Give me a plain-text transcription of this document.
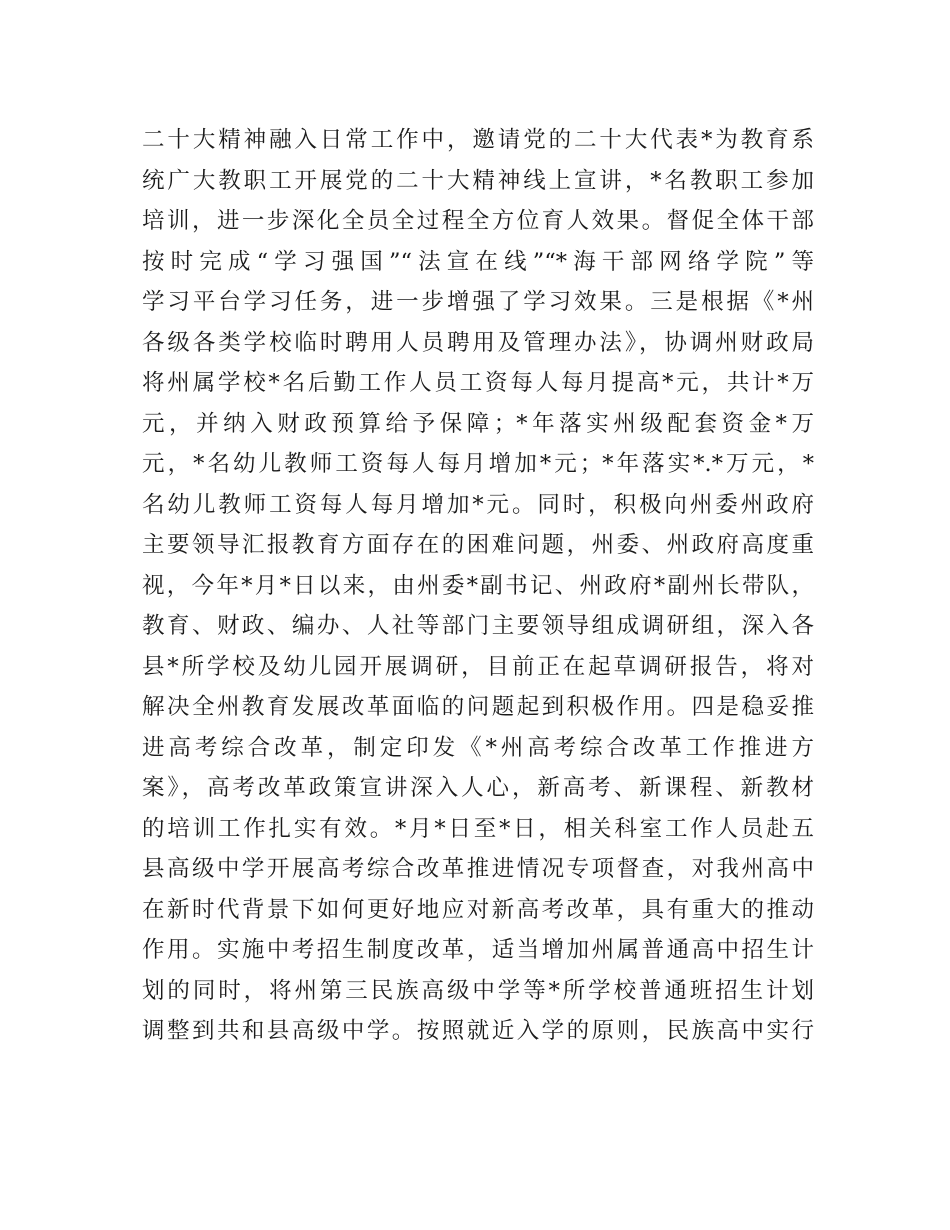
二十大精神融入日常工作中，邀请党的二十大代表*为教育系
统广大教职工开展党的二十大精神线上宣讲，*名教职工参加
培训，进一步深化全员全过程全方位育人效果。督促全体干部
按时完成“学习强国”“法宣在线”“*海干部网络学院”等
学习平台学习任务，进一步增强了学习效果。三是根据《*州
各级各类学校临时聘用人员聘用及管理办法》，协调州财政局
将州属学校*名后勤工作人员工资每人每月提高*元，共计*万
元，并纳入财政预算给予保障；*年落实州级配套资金*万
元，*名幼儿教师工资每人每月增加*元；*年落实*.*万元，*
名幼儿教师工资每人每月增加*元。同时，积极向州委州政府
主要领导汇报教育方面存在的困难问题，州委、州政府高度重
视，今年*月*日以来，由州委*副书记、州政府*副州长带队，
教育、财政、编办、人社等部门主要领导组成调研组，深入各
县*所学校及幼儿园开展调研，目前正在起草调研报告，将对
解决全州教育发展改革面临的问题起到积极作用。四是稳妥推
进高考综合改革，制定印发《*州高考综合改革工作推进方
案》，高考改革政策宣讲深入人心，新高考、新课程、新教材
的培训工作扎实有效。*月*日至*日，相关科室工作人员赴五
县高级中学开展高考综合改革推进情况专项督查，对我州高中
在新时代背景下如何更好地应对新高考改革，具有重大的推动
作用。实施中考招生制度改革，适当增加州属普通高中招生计
划的同时，将州第三民族高级中学等*所学校普通班招生计划
调整到共和县高级中学。按照就近入学的原则，民族高中实行
